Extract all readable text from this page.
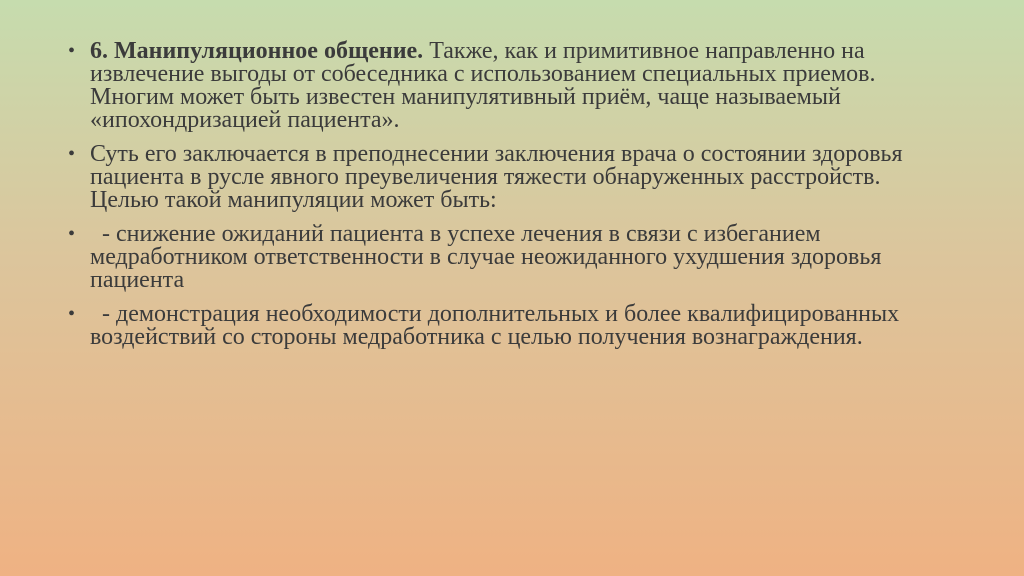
• 6. Манипуляционное общение. Также, как и примитивное направленно на извлечение выгоды от собеседника с использованием специальных приемов. Многим может быть известен манипулятивный приём, чаще называемый «ипохондризацией пациента».
• Суть его заключается в преподнесении заключения врача о состоянии здоровья пациента в русле явного преувеличения тяжести обнаруженных расстройств. Целью такой манипуляции может быть:
• - снижение ожиданий пациента в успехе лечения в связи с избеганием медработником ответственности в случае неожиданного ухудшения здоровья пациента
• - демонстрация необходимости дополнительных и более квалифицированных воздействий со стороны медработника с целью получения вознаграждения.
